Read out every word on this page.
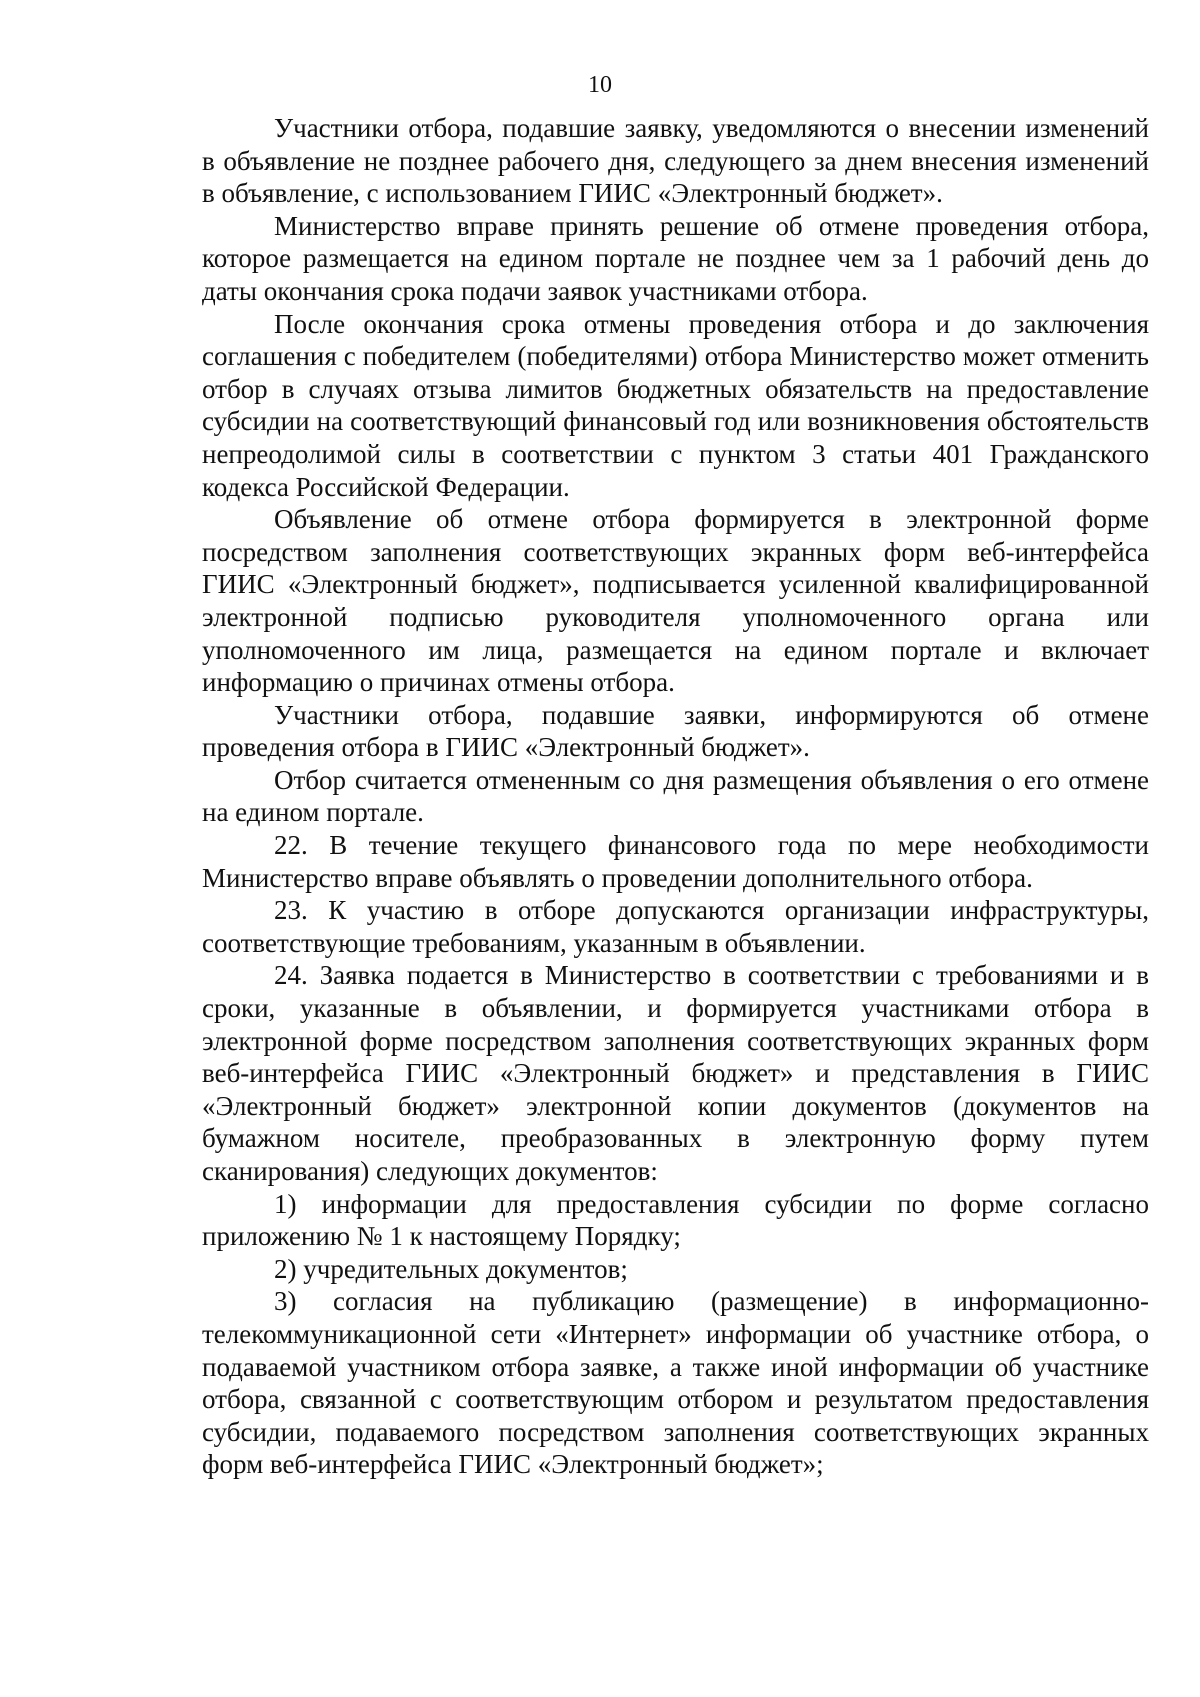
10

Участники отбора, подавшие заявку, уведомляются о внесении изменений в объявление не позднее рабочего дня, следующего за днем внесения изменений в объявление, с использованием ГИИС «Электронный бюджет».

Министерство вправе принять решение об отмене проведения отбора, которое размещается на едином портале не позднее чем за 1 рабочий день до даты окончания срока подачи заявок участниками отбора.

После окончания срока отмены проведения отбора и до заключения соглашения с победителем (победителями) отбора Министерство может отменить отбор в случаях отзыва лимитов бюджетных обязательств на предоставление субсидии на соответствующий финансовый год или возникновения обстоятельств непреодолимой силы в соответствии с пунктом 3 статьи 401 Гражданского кодекса Российской Федерации.

Объявление об отмене отбора формируется в электронной форме посредством заполнения соответствующих экранных форм веб-интерфейса ГИИС «Электронный бюджет», подписывается усиленной квалифицированной электронной подписью руководителя уполномоченного органа или уполномоченного им лица, размещается на едином портале и включает информацию о причинах отмены отбора.

Участники отбора, подавшие заявки, информируются об отмене проведения отбора в ГИИС «Электронный бюджет».

Отбор считается отмененным со дня размещения объявления о его отмене на едином портале.

22. В течение текущего финансового года по мере необходимости Министерство вправе объявлять о проведении дополнительного отбора.

23. К участию в отборе допускаются организации инфраструктуры, соответствующие требованиям, указанным в объявлении.

24. Заявка подается в Министерство в соответствии с требованиями и в сроки, указанные в объявлении, и формируется участниками отбора в электронной форме посредством заполнения соответствующих экранных форм веб-интерфейса ГИИС «Электронный бюджет» и представления в ГИИС «Электронный бюджет» электронной копии документов (документов на бумажном носителе, преобразованных в электронную форму путем сканирования) следующих документов:

1) информации для предоставления субсидии по форме согласно приложению № 1 к настоящему Порядку;

2) учредительных документов;

3) согласия на публикацию (размещение) в информационно-телекоммуникационной сети «Интернет» информации об участнике отбора, о подаваемой участником отбора заявке, а также иной информации об участнике отбора, связанной с соответствующим отбором и результатом предоставления субсидии, подаваемого посредством заполнения соответствующих экранных форм веб-интерфейса ГИИС «Электронный бюджет»;
